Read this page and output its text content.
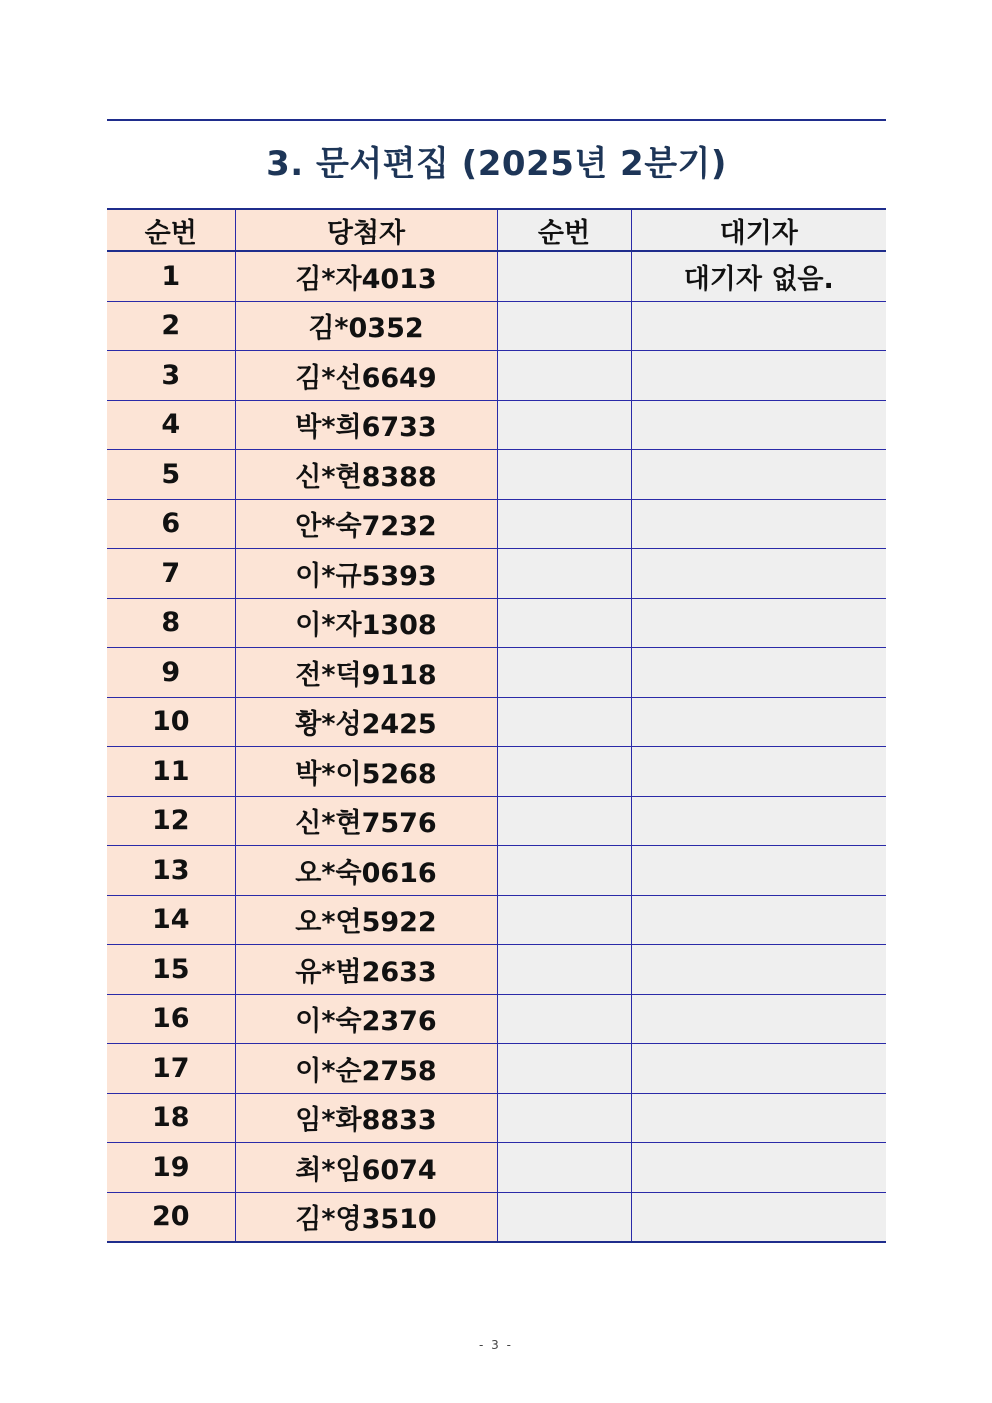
3. 문서편집 (2025년 2분기)
순번	당첨자	순번	대기자
1	김*자4013		대기자 없음.
2	김*0352		
3	김*선6649		
4	박*희6733		
5	신*현8388		
6	안*숙7232		
7	이*규5393		
8	이*자1308		
9	전*덕9118		
10	황*성2425		
11	박*이5268		
12	신*현7576		
13	오*숙0616		
14	오*연5922		
15	유*범2633		
16	이*숙2376		
17	이*순2758		
18	임*화8833		
19	최*임6074		
20	김*영3510		
- 3 -
